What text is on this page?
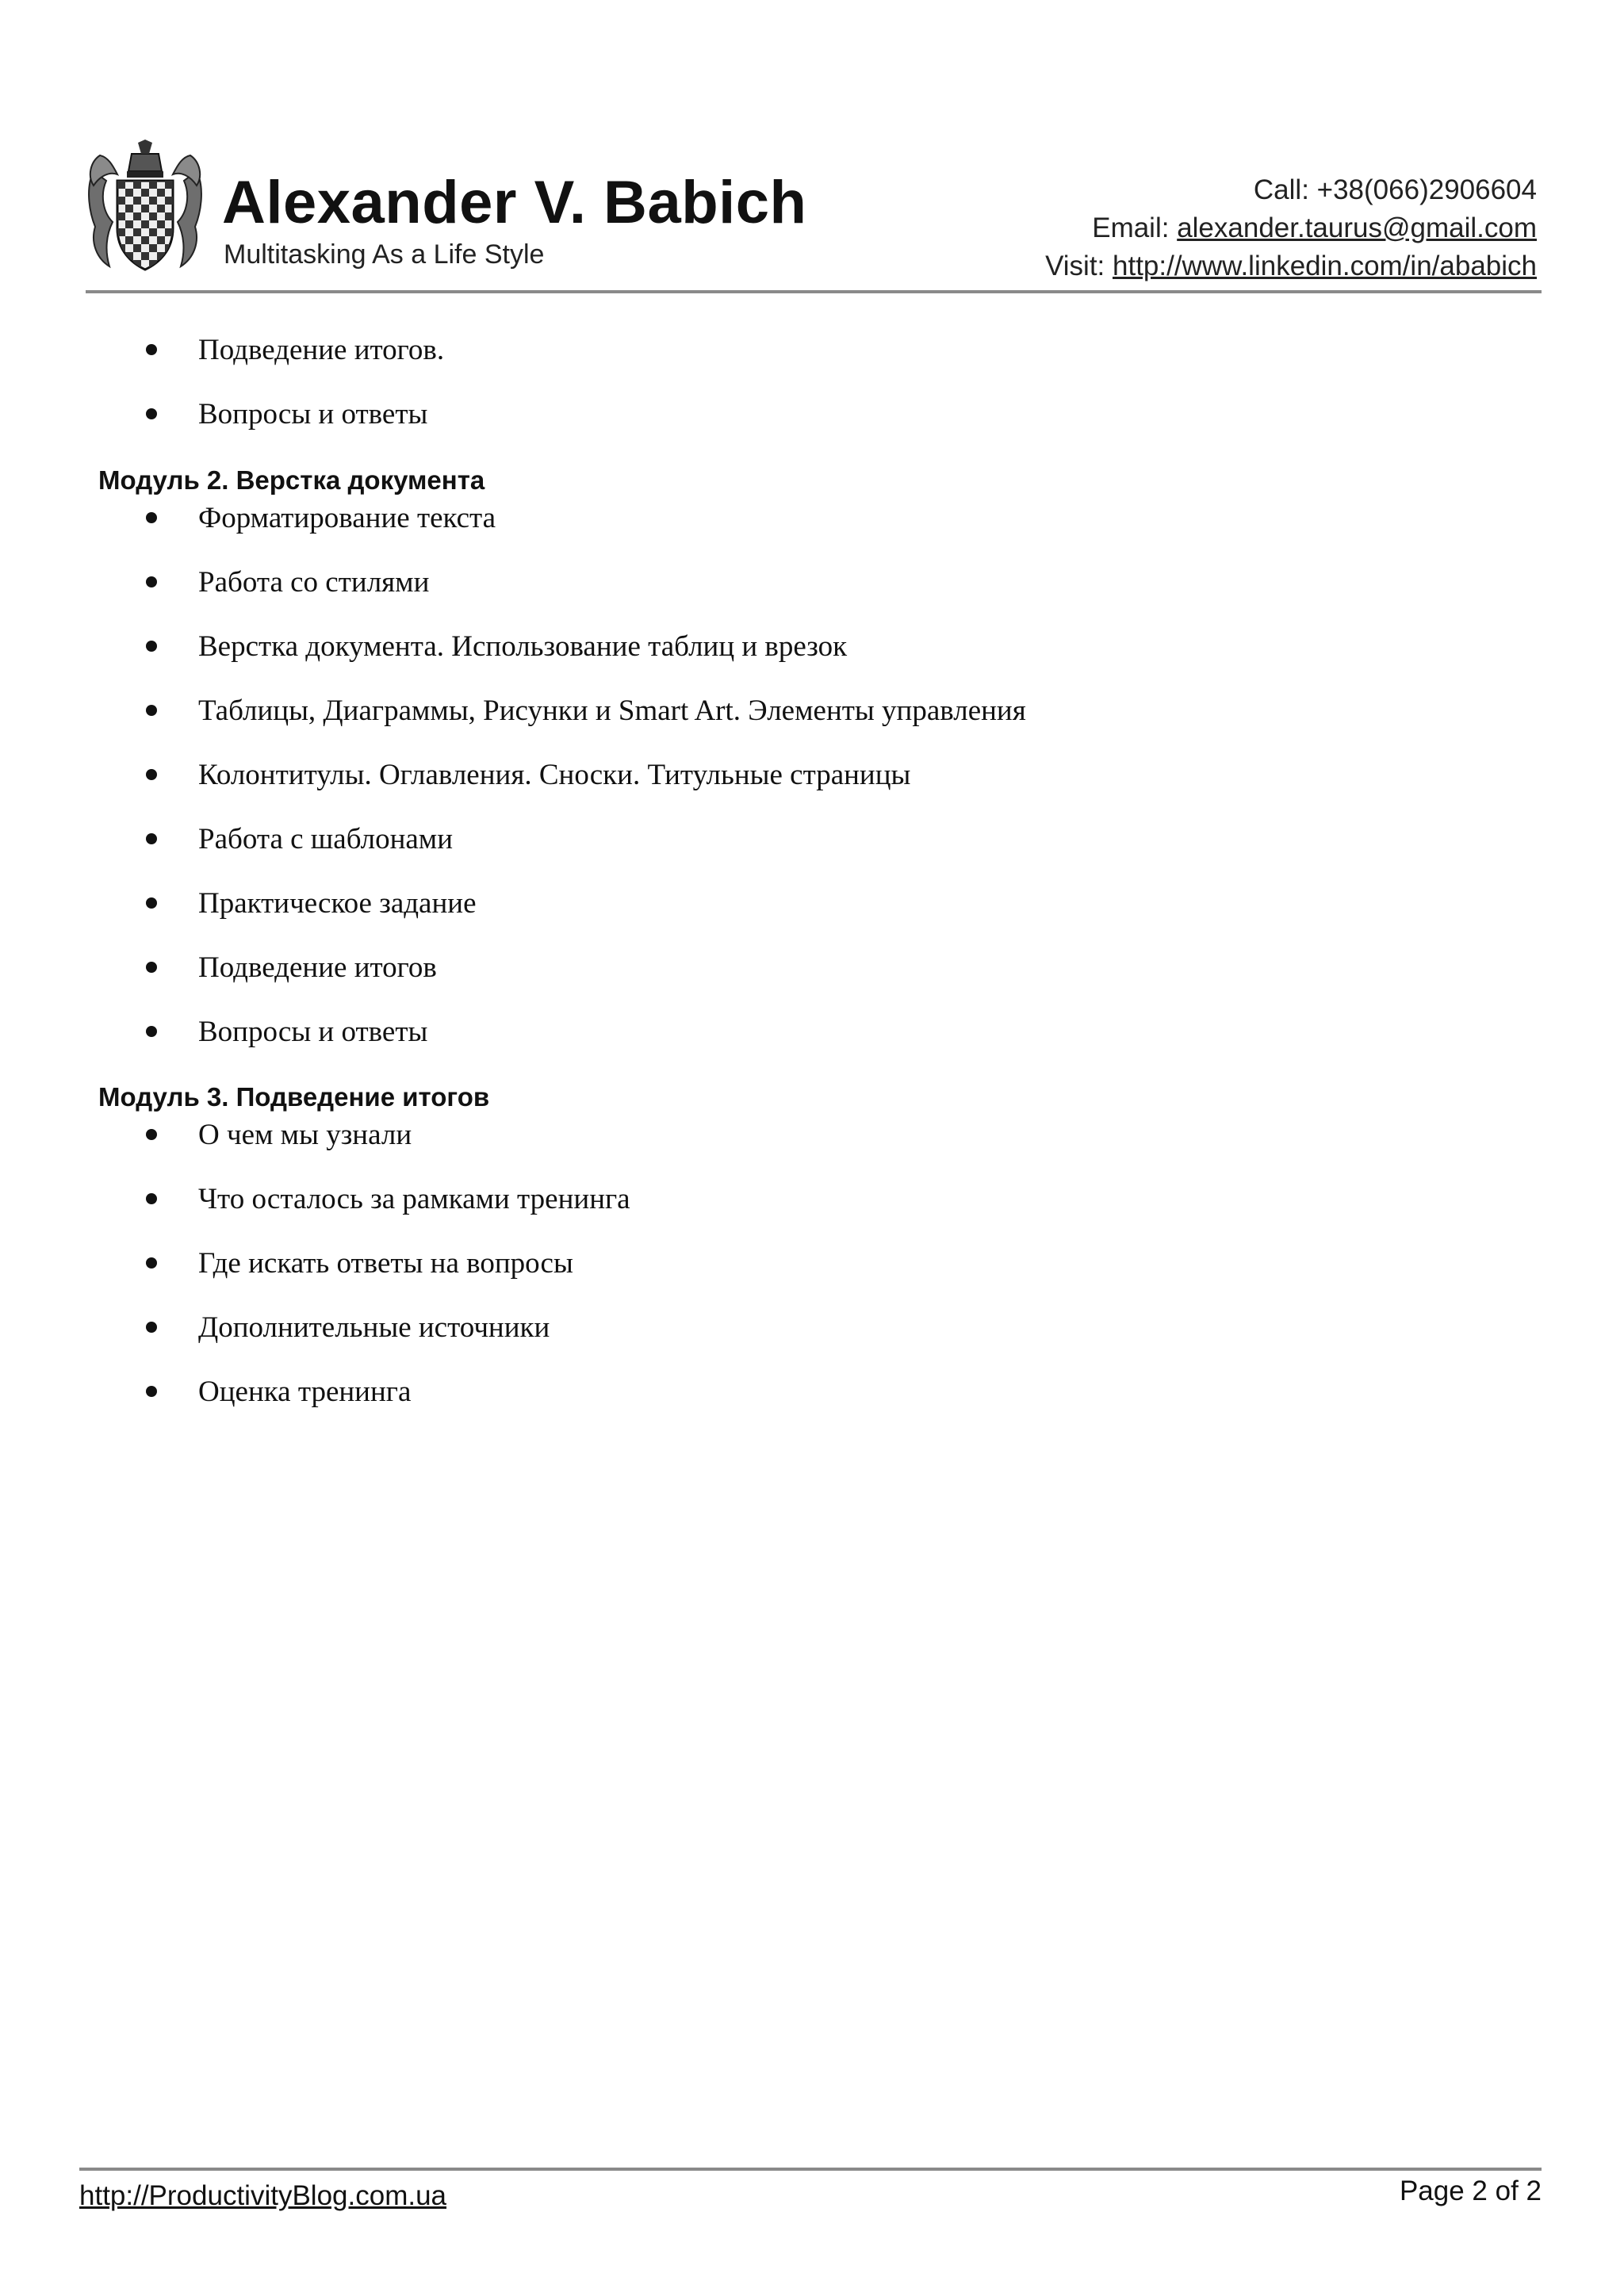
Alexander V. Babich
Multitasking As a Life Style
Call: +38(066)2906604
Email: alexander.taurus@gmail.com
Visit: http://www.linkedin.com/in/ababich
Подведение итогов.
Вопросы и ответы
Модуль 2. Верстка документа
Форматирование текста
Работа со стилями
Верстка документа. Использование таблиц и врезок
Таблицы, Диаграммы, Рисунки и Smart Art. Элементы управления
Колонтитулы. Оглавления. Сноски. Титульные страницы
Работа с шаблонами
Практическое задание
Подведение итогов
Вопросы и ответы
Модуль 3. Подведение итогов
О чем мы узнали
Что осталось за рамками тренинга
Где искать ответы на вопросы
Дополнительные источники
Оценка тренинга
http://ProductivityBlog.com.ua	Page 2 of 2
